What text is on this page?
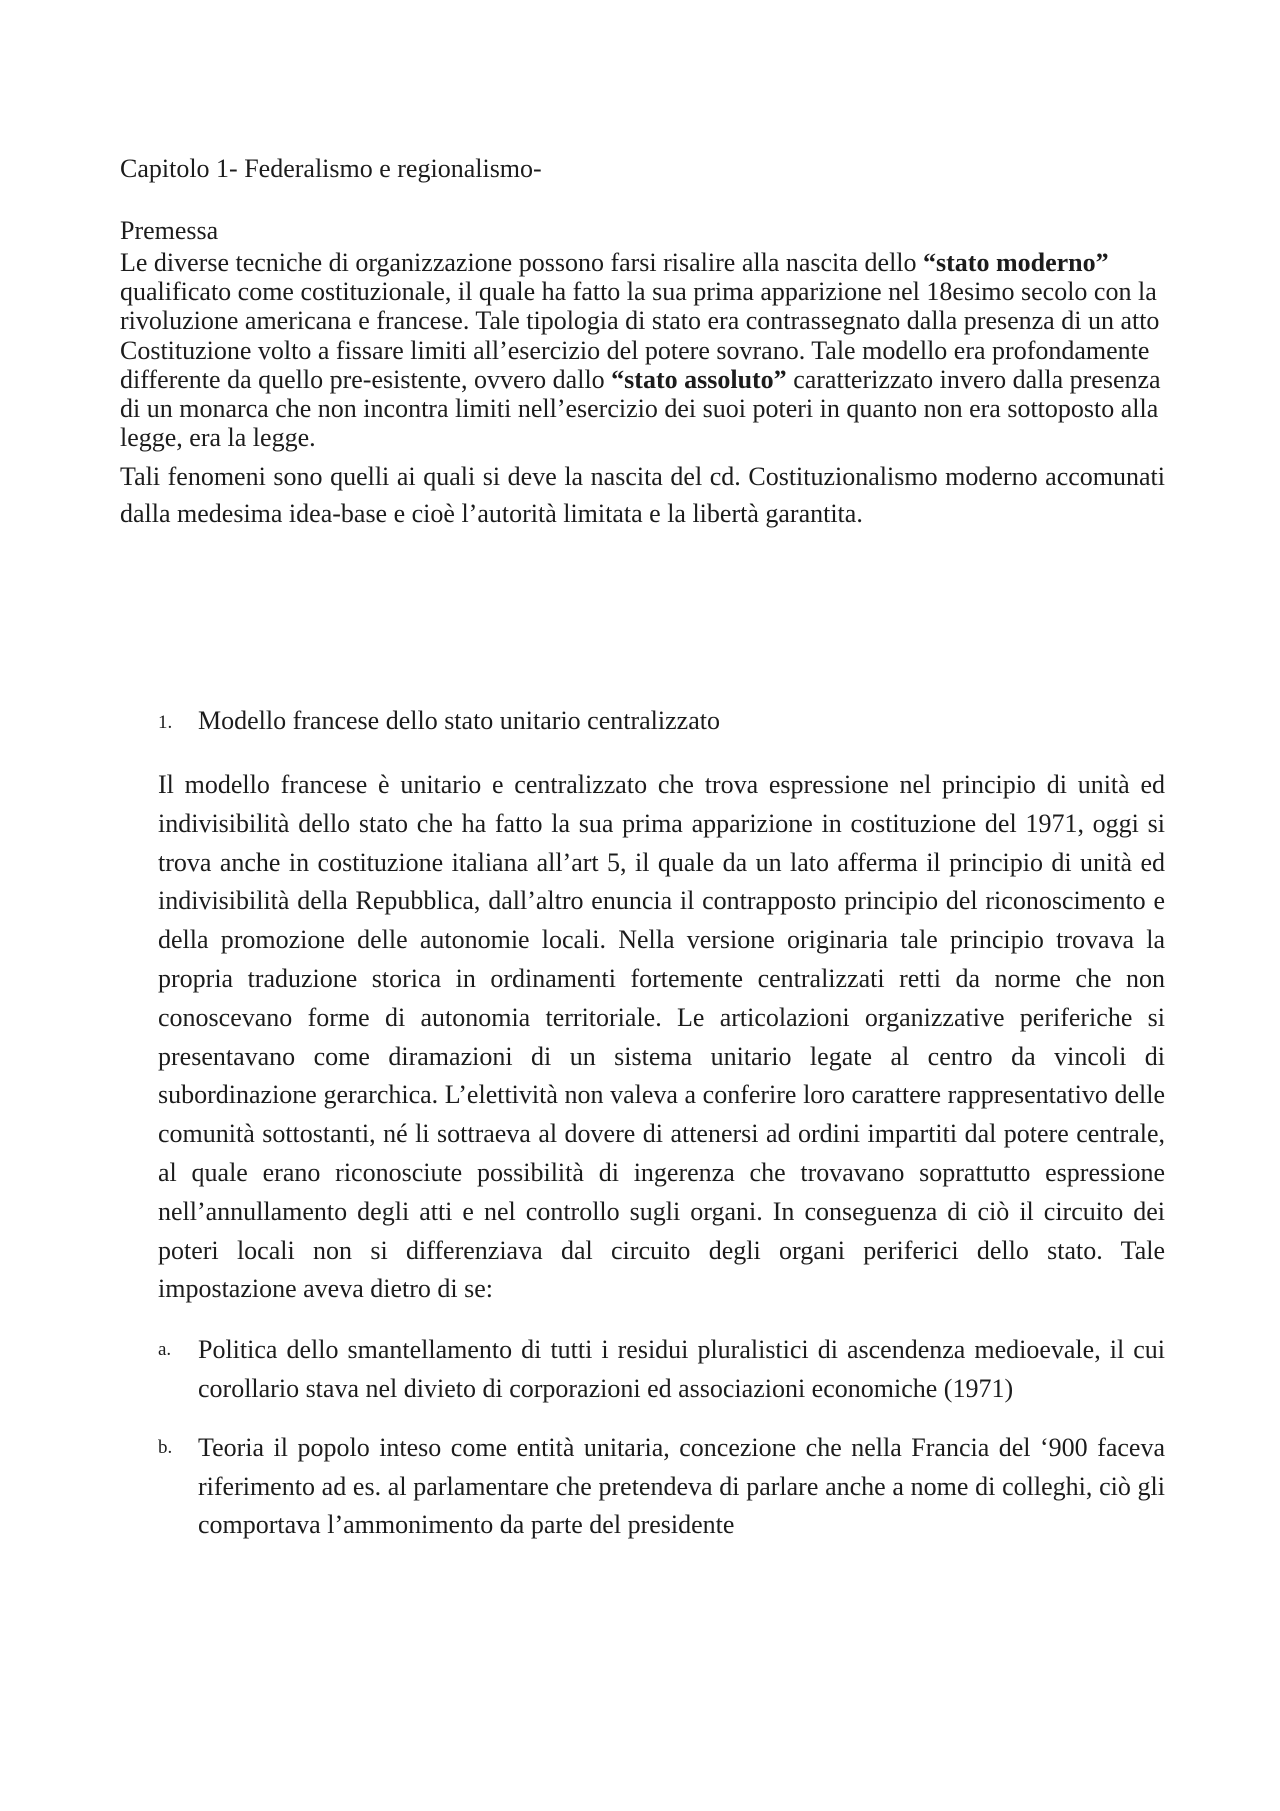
Capitolo 1- Federalismo e regionalismo-
Premessa
Le diverse tecniche di organizzazione possono farsi risalire alla nascita dello “stato moderno” qualificato come costituzionale, il quale ha fatto la sua prima apparizione nel 18esimo secolo con la rivoluzione americana e francese. Tale tipologia di stato era contrassegnato dalla presenza di un atto Costituzione volto a fissare limiti all’esercizio del potere sovrano. Tale modello era profondamente differente da quello pre-esistente, ovvero dallo “stato assoluto” caratterizzato invero dalla presenza di un monarca che non incontra limiti nell’esercizio dei suoi poteri in quanto non era sottoposto alla legge, era la legge.
Tali fenomeni sono quelli ai quali si deve la nascita del cd. Costituzionalismo moderno accomunati dalla medesima idea-base e cioè l’autorità limitata e la libertà garantita.
1. Modello francese dello stato unitario centralizzato

Il modello francese è unitario e centralizzato che trova espressione nel principio di unità ed indivisibilità dello stato che ha fatto la sua prima apparizione in costituzione del 1971, oggi si trova anche in costituzione italiana all’art 5, il quale da un lato afferma il principio di unità ed indivisibilità della Repubblica, dall’altro enuncia il contrapposto principio del riconoscimento e della promozione delle autonomie locali. Nella versione originaria tale principio trovava la propria traduzione storica in ordinamenti fortemente centralizzati retti da norme che non conoscevano forme di autonomia territoriale. Le articolazioni organizzative periferiche si presentavano come diramazioni di un sistema unitario legate al centro da vincoli di subordinazione gerarchica. L’elettività non valeva a conferire loro carattere rappresentativo delle comunità sottostanti, né li sottraeva al dovere di attenersi ad ordini impartiti dal potere centrale, al quale erano riconosciute possibilità di ingerenza che trovavano soprattutto espressione nell’annullamento degli atti e nel controllo sugli organi. In conseguenza di ciò il circuito dei poteri locali non si differenziava dal circuito degli organi periferici dello stato. Tale impostazione aveva dietro di se:

a. Politica dello smantellamento di tutti i residui pluralistici di ascendenza medioevale, il cui corollario stava nel divieto di corporazioni ed associazioni economiche (1971)
b. Teoria il popolo inteso come entità unitaria, concezione che nella Francia del ‘900 faceva riferimento ad es. al parlamentare che pretendeva di parlare anche a nome di colleghi, ciò gli comportava l’ammonimento da parte del presidente
